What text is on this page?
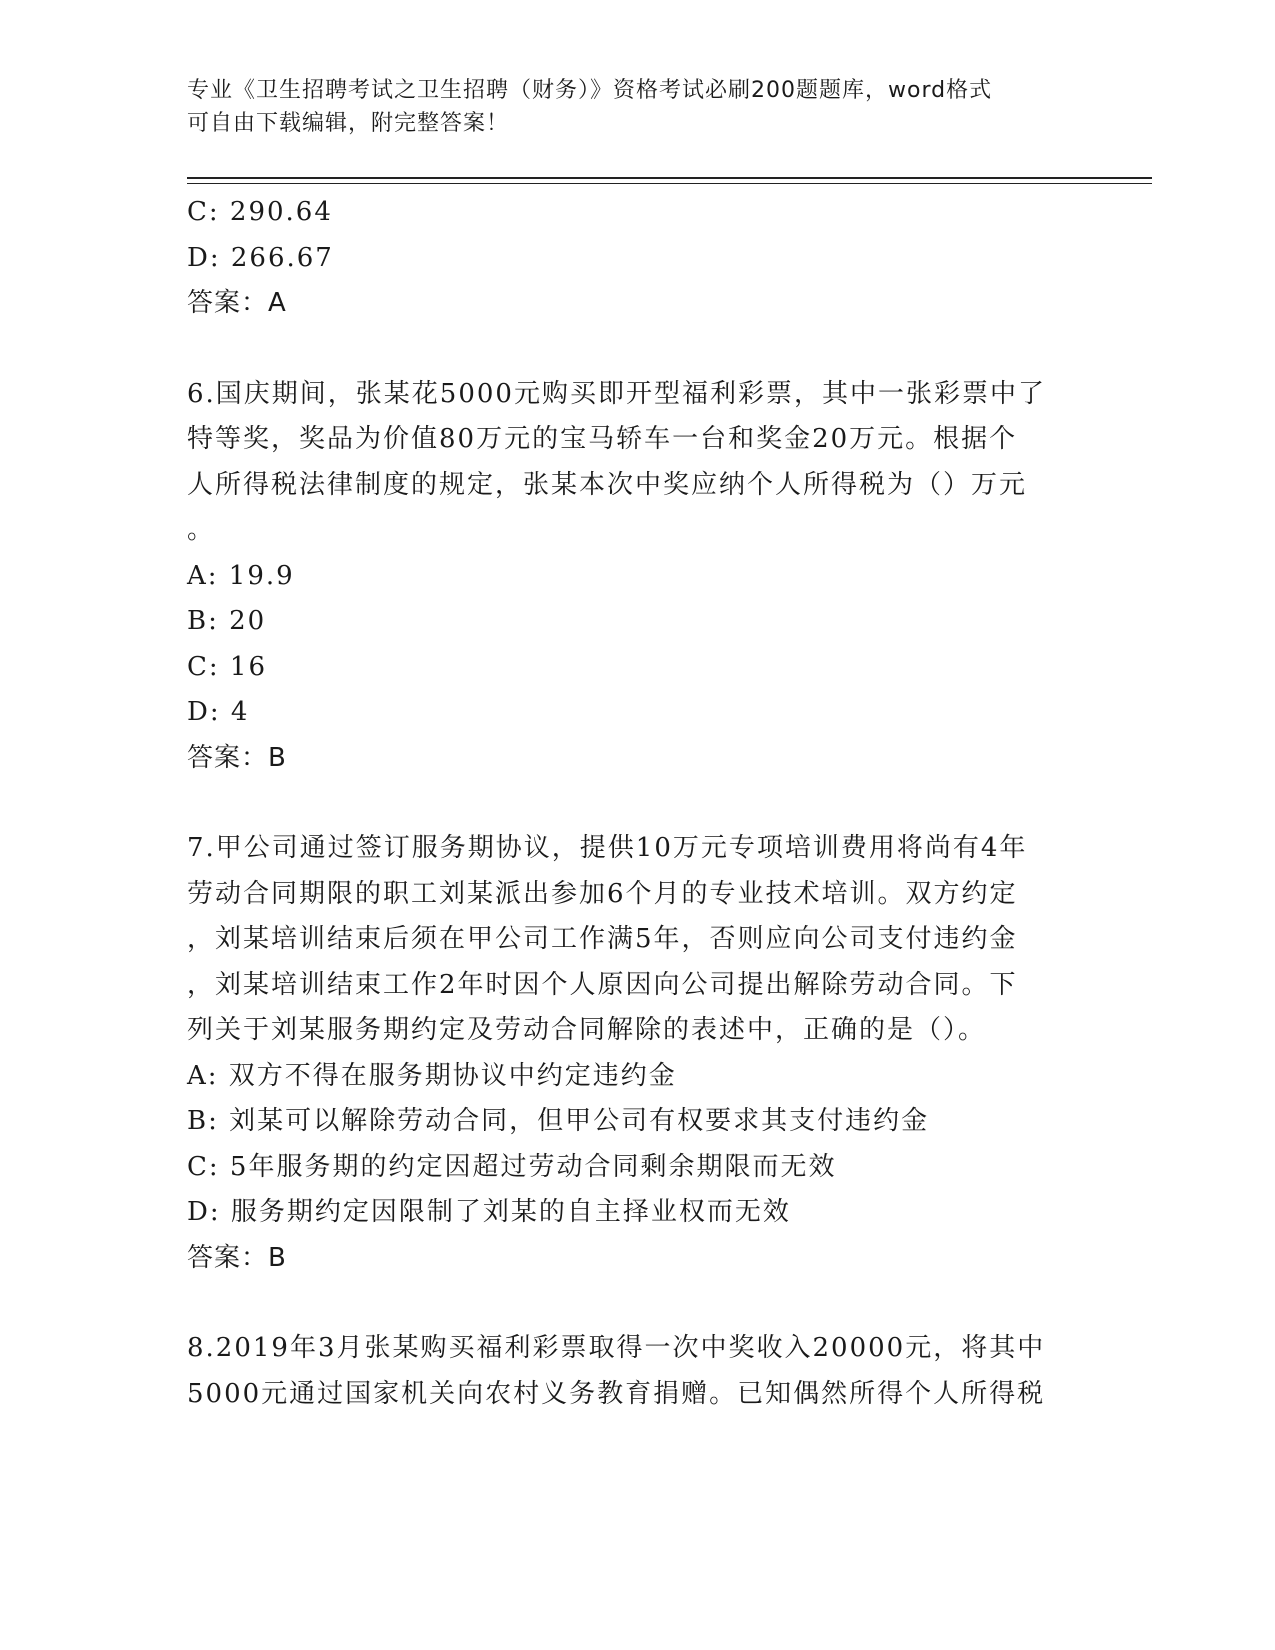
专业《卫生招聘考试之卫生招聘（财务）》资格考试必刷200题题库，word格式
可自由下载编辑，附完整答案！
C: 290.64
D: 266.67
答案：A
6.国庆期间，张某花5000元购买即开型福利彩票，其中一张彩票中了
特等奖，奖品为价值80万元的宝马轿车一台和奖金20万元。根据个
人所得税法律制度的规定，张某本次中奖应纳个人所得税为（）万元
。
A: 19.9
B: 20
C: 16
D: 4
答案：B
7.甲公司通过签订服务期协议，提供10万元专项培训费用将尚有4年
劳动合同期限的职工刘某派出参加6个月的专业技术培训。双方约定
，刘某培训结束后须在甲公司工作满5年，否则应向公司支付违约金
，刘某培训结束工作2年时因个人原因向公司提出解除劳动合同。下
列关于刘某服务期约定及劳动合同解除的表述中，正确的是（）。
A: 双方不得在服务期协议中约定违约金
B: 刘某可以解除劳动合同，但甲公司有权要求其支付违约金
C: 5年服务期的约定因超过劳动合同剩余期限而无效
D: 服务期约定因限制了刘某的自主择业权而无效
答案：B
8.2019年3月张某购买福利彩票取得一次中奖收入20000元，将其中
5000元通过国家机关向农村义务教育捐赠。已知偶然所得个人所得税
